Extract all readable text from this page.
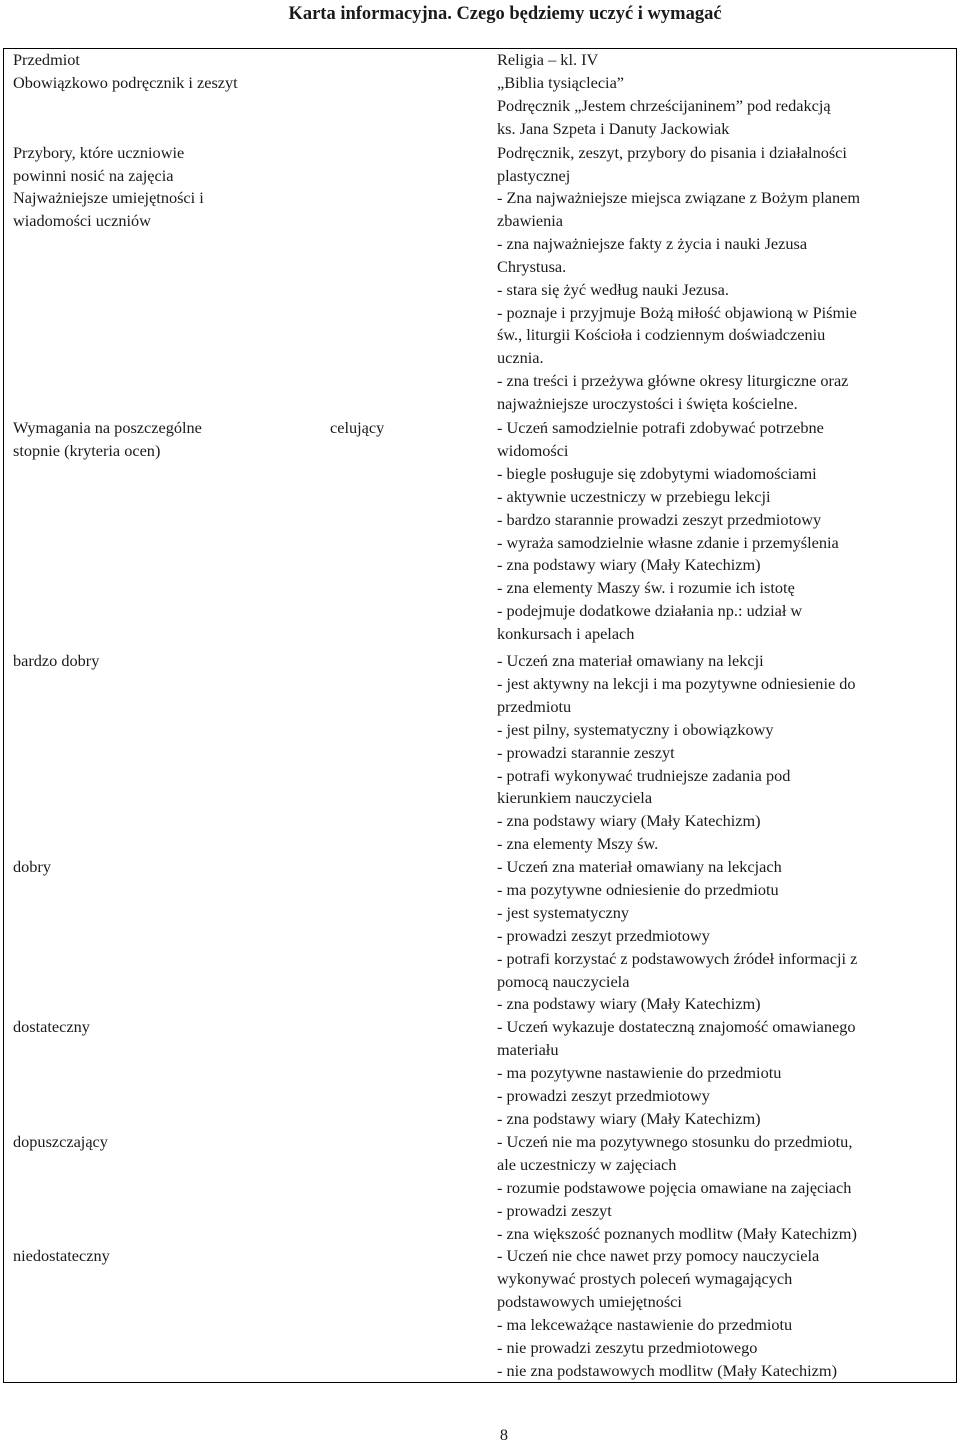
Karta informacyjna. Czego będziemy uczyć i wymagać
Przedmiot
Obowiązkowo podręcznik i zeszyt
Przybory, które uczniowie
powinni nosić na zajęcia
Najważniejsze umiejętności i
wiadomości uczniów
Wymagania na poszczególne
stopnie (kryteria ocen)
bardzo dobry
dobry
dostateczny
dopuszczający
niedostateczny
celujący
Religia – kl. IV
„Biblia tysiąclecia”
Podręcznik „Jestem chrześcijaninem” pod redakcją
ks. Jana Szpeta i Danuty Jackowiak
Podręcznik, zeszyt, przybory do pisania i działalności
plastycznej
- Zna najważniejsze miejsca związane z Bożym planem
zbawienia
- zna najważniejsze fakty z życia i nauki Jezusa
Chrystusa.
- stara się żyć według nauki Jezusa.
- poznaje i przyjmuje Bożą miłość objawioną w Piśmie
św., liturgii Kościoła i codziennym doświadczeniu
ucznia.
- zna treści i przeżywa główne okresy liturgiczne oraz
najważniejsze uroczystości i święta kościelne.
- Uczeń samodzielnie potrafi zdobywać potrzebne
widomości
- biegle posługuje się zdobytymi wiadomościami
- aktywnie uczestniczy w przebiegu lekcji
- bardzo starannie prowadzi zeszyt przedmiotowy
- wyraża samodzielnie własne zdanie i przemyślenia
- zna podstawy wiary (Mały Katechizm)
- zna elementy Maszy św. i rozumie ich istotę
- podejmuje dodatkowe działania np.: udział w
konkursach i apelach
- Uczeń zna materiał omawiany na lekcji
- jest aktywny na lekcji i ma pozytywne odniesienie do
przedmiotu
- jest pilny, systematyczny i obowiązkowy
- prowadzi starannie zeszyt
- potrafi wykonywać trudniejsze zadania pod
kierunkiem nauczyciela
- zna podstawy wiary (Mały Katechizm)
- zna elementy Mszy św.
- Uczeń zna materiał omawiany na lekcjach
- ma pozytywne odniesienie do przedmiotu
- jest systematyczny
- prowadzi zeszyt przedmiotowy
- potrafi korzystać z podstawowych źródeł informacji z
pomocą nauczyciela
- zna podstawy wiary (Mały Katechizm)
- Uczeń wykazuje dostateczną znajomość omawianego
materiału
- ma pozytywne nastawienie do przedmiotu
- prowadzi zeszyt przedmiotowy
- zna podstawy wiary (Mały Katechizm)
- Uczeń nie ma pozytywnego stosunku do przedmiotu,
ale uczestniczy w zajęciach
- rozumie podstawowe pojęcia omawiane na zajęciach
- prowadzi zeszyt
- zna większość poznanych modlitw (Mały Katechizm)
- Uczeń nie chce nawet przy pomocy nauczyciela
wykonywać prostych poleceń wymagających
podstawowych umiejętności
- ma lekceważące nastawienie do przedmiotu
- nie prowadzi zeszytu przedmiotowego
- nie zna podstawowych modlitw (Mały Katechizm)
8
